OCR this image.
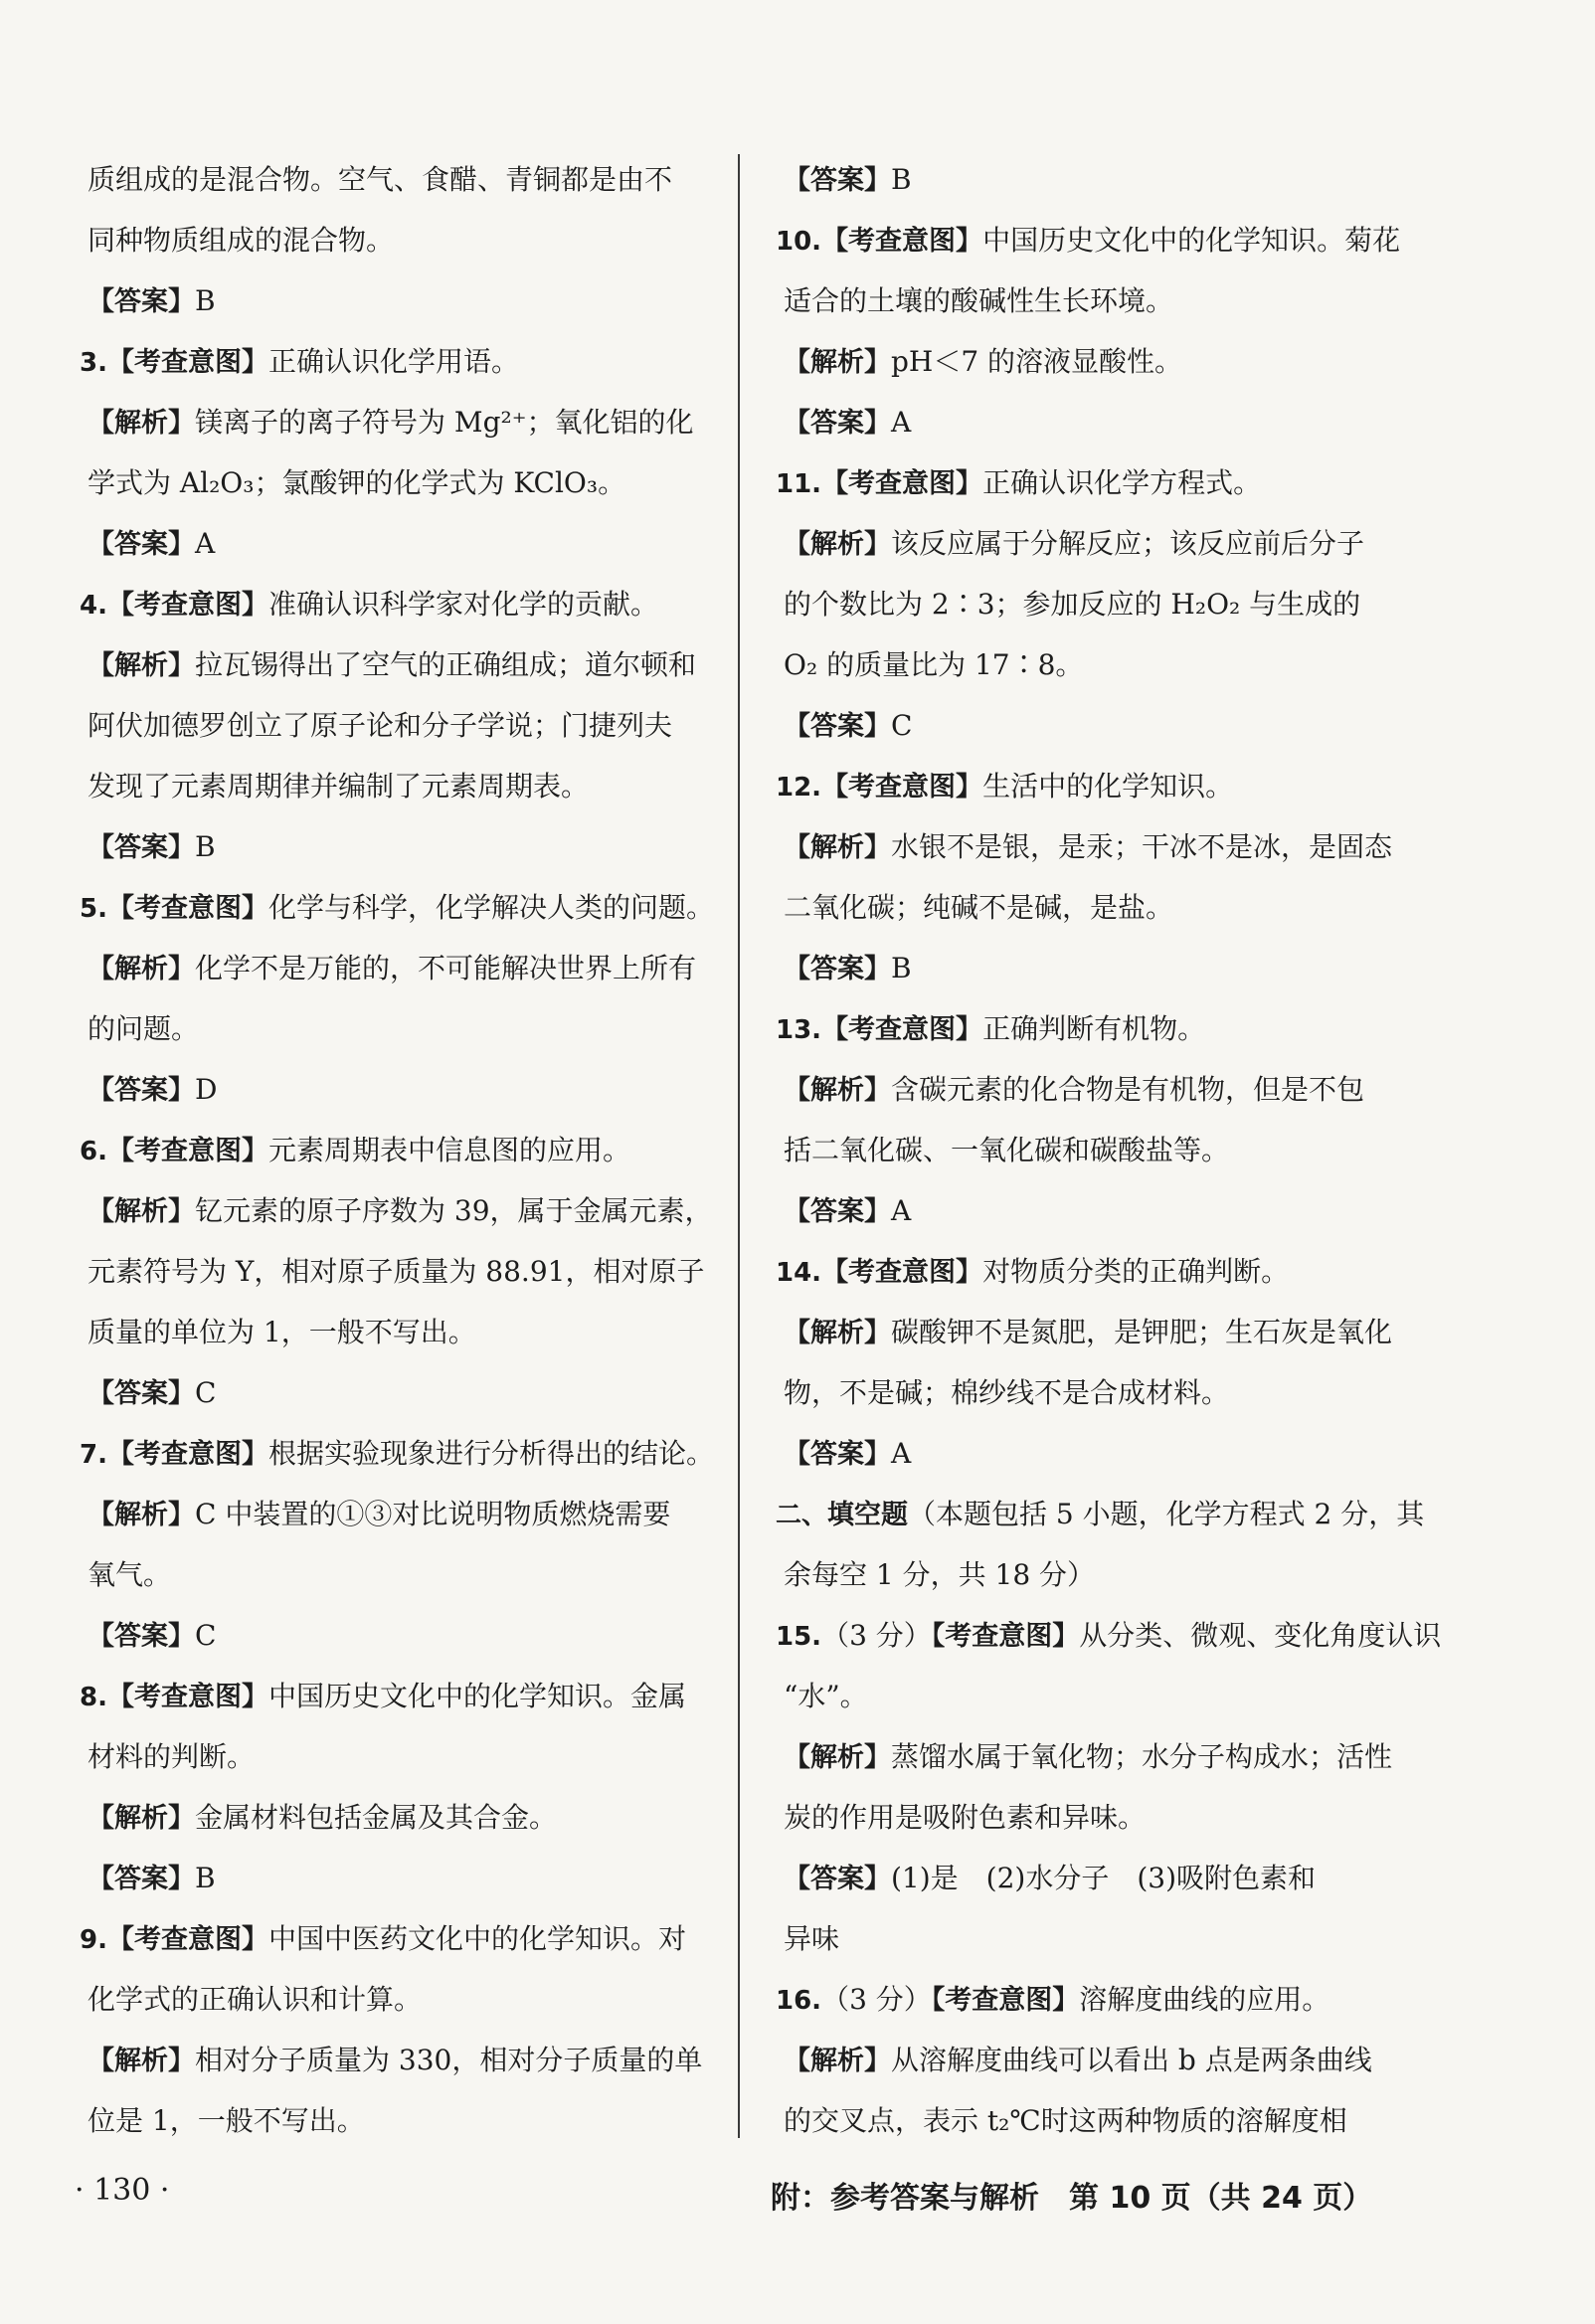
质组成的是混合物。空气、食醋、青铜都是由不
同种物质组成的混合物。
【答案】B
3.【考查意图】正确认识化学用语。
【解析】镁离子的离子符号为 Mg²⁺；氧化铝的化
学式为 Al₂O₃；氯酸钾的化学式为 KClO₃。
【答案】A
4.【考查意图】准确认识科学家对化学的贡献。
【解析】拉瓦锡得出了空气的正确组成；道尔顿和
阿伏加德罗创立了原子论和分子学说；门捷列夫
发现了元素周期律并编制了元素周期表。
【答案】B
5.【考查意图】化学与科学，化学解决人类的问题。
【解析】化学不是万能的，不可能解决世界上所有
的问题。
【答案】D
6.【考查意图】元素周期表中信息图的应用。
【解析】钇元素的原子序数为 39，属于金属元素，
元素符号为 Y，相对原子质量为 88.91，相对原子
质量的单位为 1，一般不写出。
【答案】C
7.【考查意图】根据实验现象进行分析得出的结论。
【解析】C 中装置的①③对比说明物质燃烧需要
氧气。
【答案】C
8.【考查意图】中国历史文化中的化学知识。金属
材料的判断。
【解析】金属材料包括金属及其合金。
【答案】B
9.【考查意图】中国中医药文化中的化学知识。对
化学式的正确认识和计算。
【解析】相对分子质量为 330，相对分子质量的单
位是 1，一般不写出。
【答案】B
10.【考查意图】中国历史文化中的化学知识。菊花
适合的土壤的酸碱性生长环境。
【解析】pH＜7 的溶液显酸性。
【答案】A
11.【考查意图】正确认识化学方程式。
【解析】该反应属于分解反应；该反应前后分子
的个数比为 2∶3；参加反应的 H₂O₂ 与生成的
O₂ 的质量比为 17∶8。
【答案】C
12.【考查意图】生活中的化学知识。
【解析】水银不是银，是汞；干冰不是冰，是固态
二氧化碳；纯碱不是碱，是盐。
【答案】B
13.【考查意图】正确判断有机物。
【解析】含碳元素的化合物是有机物，但是不包
括二氧化碳、一氧化碳和碳酸盐等。
【答案】A
14.【考查意图】对物质分类的正确判断。
【解析】碳酸钾不是氮肥，是钾肥；生石灰是氧化
物，不是碱；棉纱线不是合成材料。
【答案】A
二、填空题（本题包括 5 小题，化学方程式 2 分，其
余每空 1 分，共 18 分）
15.（3 分）【考查意图】从分类、微观、变化角度认识
“水”。
【解析】蒸馏水属于氧化物；水分子构成水；活性
炭的作用是吸附色素和异味。
【答案】(1)是　(2)水分子　(3)吸附色素和
异味
16.（3 分）【考查意图】溶解度曲线的应用。
【解析】从溶解度曲线可以看出 b 点是两条曲线
的交叉点，表示 t₂℃时这两种物质的溶解度相
· 130 ·	附：参考答案与解析　第 10 页（共 24 页）
